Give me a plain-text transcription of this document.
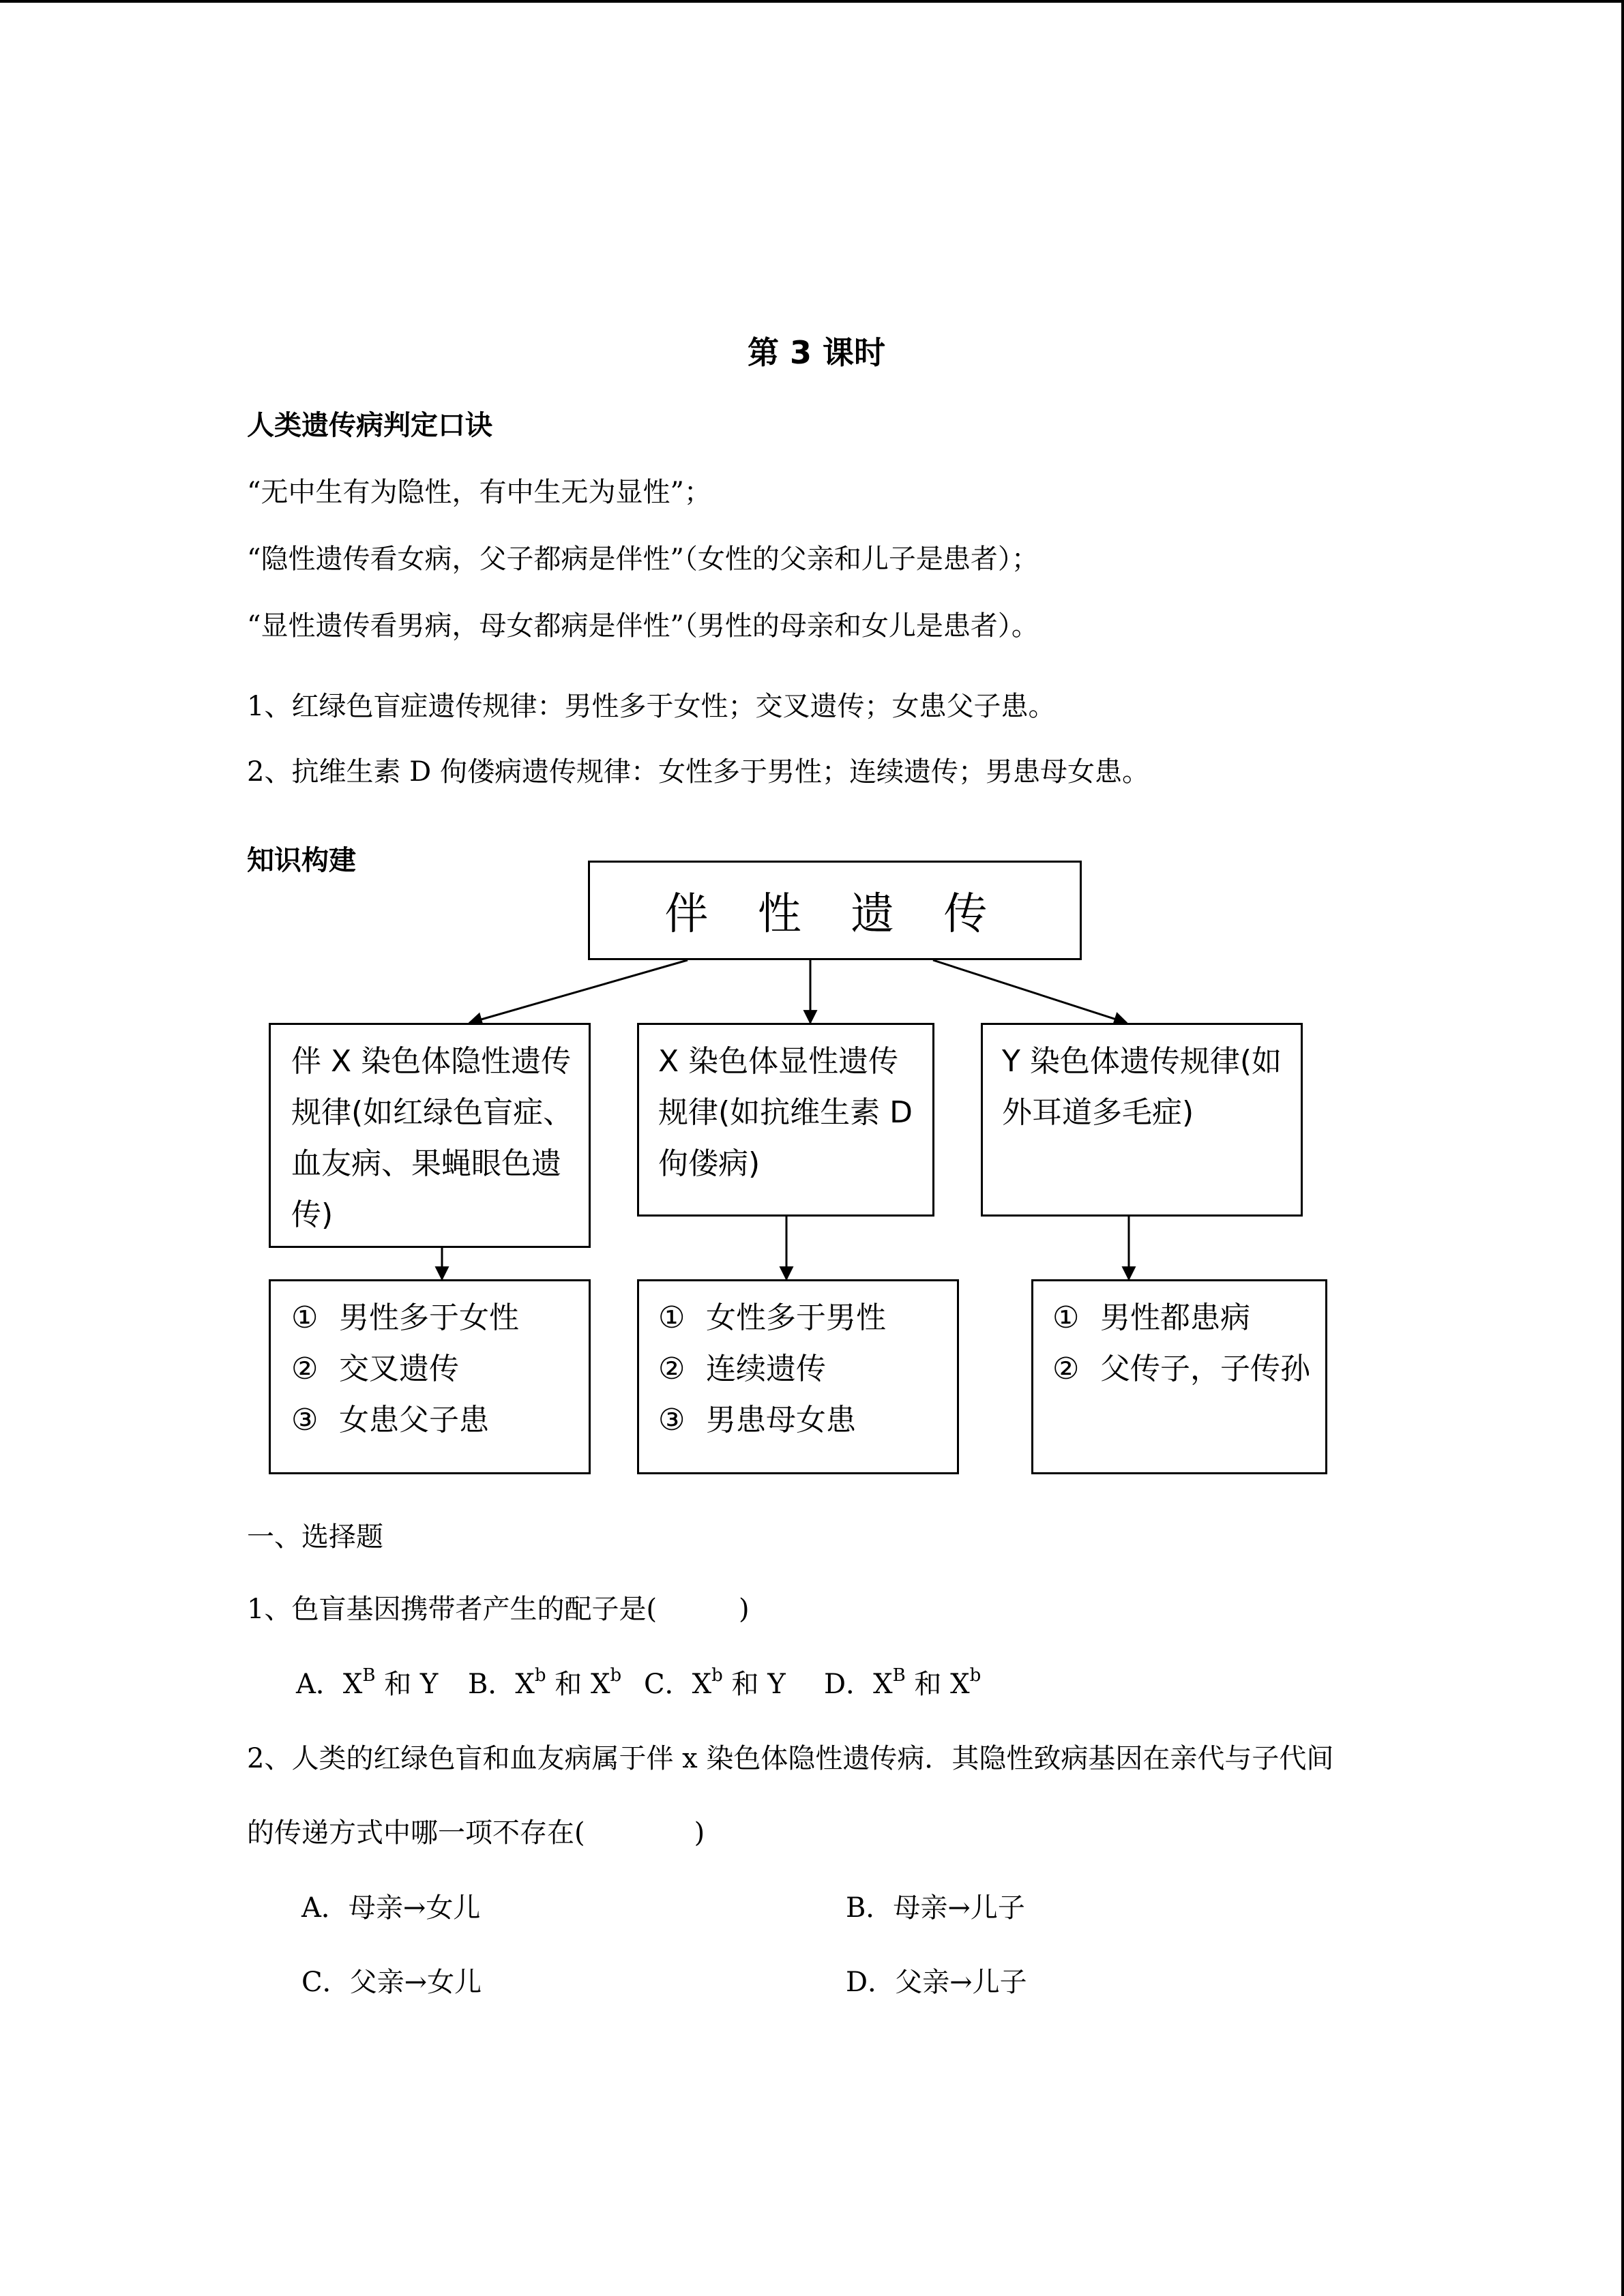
第 3 课时
人类遗传病判定口诀
“无中生有为隐性，有中生无为显性”；
“隐性遗传看女病，父子都病是伴性”（女性的父亲和儿子是患者）；
“显性遗传看男病，母女都病是伴性”（男性的母亲和女儿是患者）。
1、红绿色盲症遗传规律：男性多于女性；交叉遗传；女患父子患。
2、抗维生素 D 佝偻病遗传规律：女性多于男性；连续遗传；男患母女患。
知识构建
伴 性 遗 传
伴 X 染色体隐性遗传规律(如红绿色盲症、血友病、果蝇眼色遗传)
X 染色体显性遗传规律(如抗维生素 D 佝偻病)
Y 染色体遗传规律(如外耳道多毛症)
① 男性多于女性
② 交叉遗传
③ 女患父子患
① 女性多于男性
② 连续遗传
③ 男患母女患
① 男性都患病
② 父传子，子传孙
一、选择题
1、色盲基因携带者产生的配子是(　　　)
A．$X^B$ 和 Y B．$X^b$ 和 $X^b$ C．$X^b$ 和 Y D．$X^B$ 和 $X^b$
2、人类的红绿色盲和血友病属于伴 x 染色体隐性遗传病．其隐性致病基因在亲代与子代间
的传递方式中哪一项不存在(　　　　)
A．母亲→女儿	B．母亲→儿子
C．父亲→女儿	D．父亲→儿子
